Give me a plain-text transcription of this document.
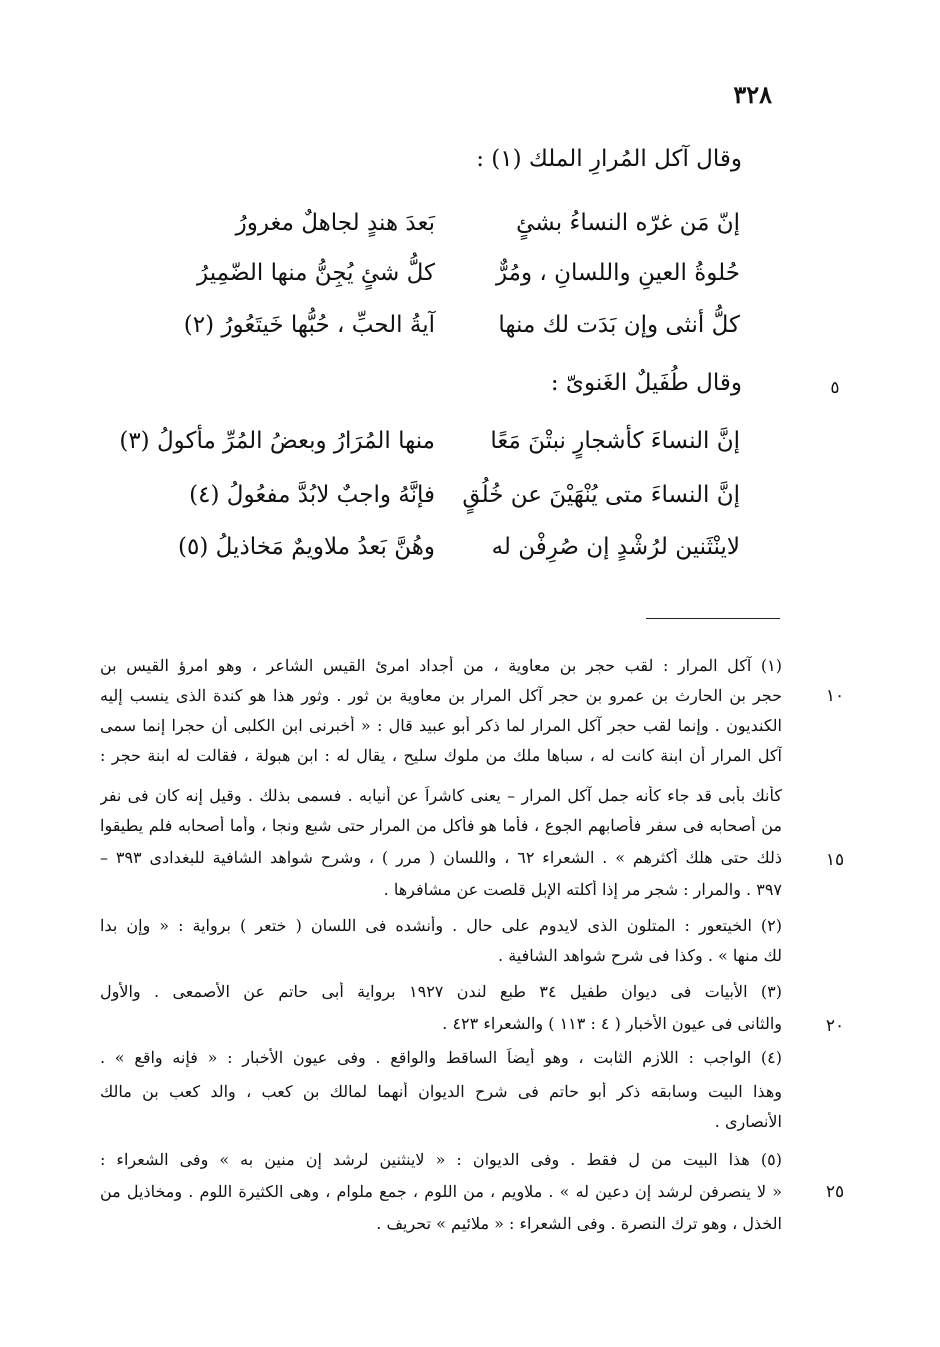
٣٢٨
وقال آكل المُرارِ الملك (١) :
إنّ مَن غرّه النساءُ بشئٍ
بَعدَ هندٍ لجاهلٌ مغرورُ
حُلوةُ العينِ واللسانِ ، ومُرٌّ
كلُّ شئٍ يُجِنُّ منها الضّمِيرُ
كلُّ أنثى وإن بَدَت لك منها
آيةُ الحبِّ ، حُبُّها خَيتَعُورُ (٢)
وقال طُفَيلٌ الغَنوىّ :
إنَّ النساءَ كأشجارٍ نبتْنَ مَعًا
منها المُرَارُ وبعضُ المُرِّ مأكولُ (٣)
إنَّ النساءَ متى يُنْهَيْنَ عن خُلُقٍ
فإنَّهُ واجبٌ لابُدَّ مفعُولُ (٤)
لاينْثَنين لرُشْدٍ إن صُرِفْن له
وهُنَّ بَعدُ ملاويمٌ مَخاذيلُ (٥)
٥
١٠
١٥
٢٠
٢٥
(١) آكل المرار : لقب حجر بن معاوية ، من أجداد امرئ القيس الشاعر ، وهو امرؤ القيس بن
حجر بن الحارث بن عمرو بن حجر آكل المرار بن معاوية بن ثور . وثور هذا هو كندة الذى ينسب إليه
الكنديون . وإنما لقب حجر آكل المرار لما ذكر أبو عبيد قال : « أخبرنى ابن الكلبى أن حجرا إنما سمى
آكل المرار أن ابنة كانت له ، سباها ملك من ملوك سليح ، يقال له : ابن هبولة ، فقالت له ابنة حجر :
كأنك بأبى قد جاء كأنه جمل آكل المرار – يعنى كاشراً عن أنيابه . فسمى بذلك . وقيل إنه كان فى نفر
من أصحابه فى سفر فأصابهم الجوع ، فأما هو فأكل من المرار حتى شبع ونجا ، وأما أصحابه فلم يطيقوا
ذلك حتى هلك أكثرهم » . الشعراء ٦٢ ، واللسان ( مرر ) ، وشرح شواهد الشافية للبغدادى ٣٩٣ –
٣٩٧ . والمرار : شجر مر إذا أكلته الإبل قلصت عن مشافرها .
(٢) الخيتعور : المتلون الذى لايدوم على حال . وأنشده فى اللسان ( ختعر ) برواية : « وإن بدا
لك منها » . وكذا فى شرح شواهد الشافية .
(٣) الأبيات فى ديوان طفيل ٣٤ طبع لندن ١٩٢٧ برواية أبى حاتم عن الأصمعى . والأول
والثانى فى عيون الأخبار ( ٤ : ١١٣ ) والشعراء ٤٢٣ .
(٤) الواجب : اللازم الثابت ، وهو أيضاً الساقط والواقع . وفى عيون الأخبار : « فإنه واقع » .
وهذا البيت وسابقه ذكر أبو حاتم فى شرح الديوان أنهما لمالك بن كعب ، والد كعب بن مالك
الأنصارى .
(٥) هذا البيت من ل فقط . وفى الديوان : « لاينثنين لرشد إن منين به » وفى الشعراء :
« لا ينصرفن لرشد إن دعين له » . ملاويم ، من اللوم ، جمع ملوام ، وهى الكثيرة اللوم . ومخاذيل من
الخذل ، وهو ترك النصرة . وفى الشعراء : « ملائيم » تحريف .
